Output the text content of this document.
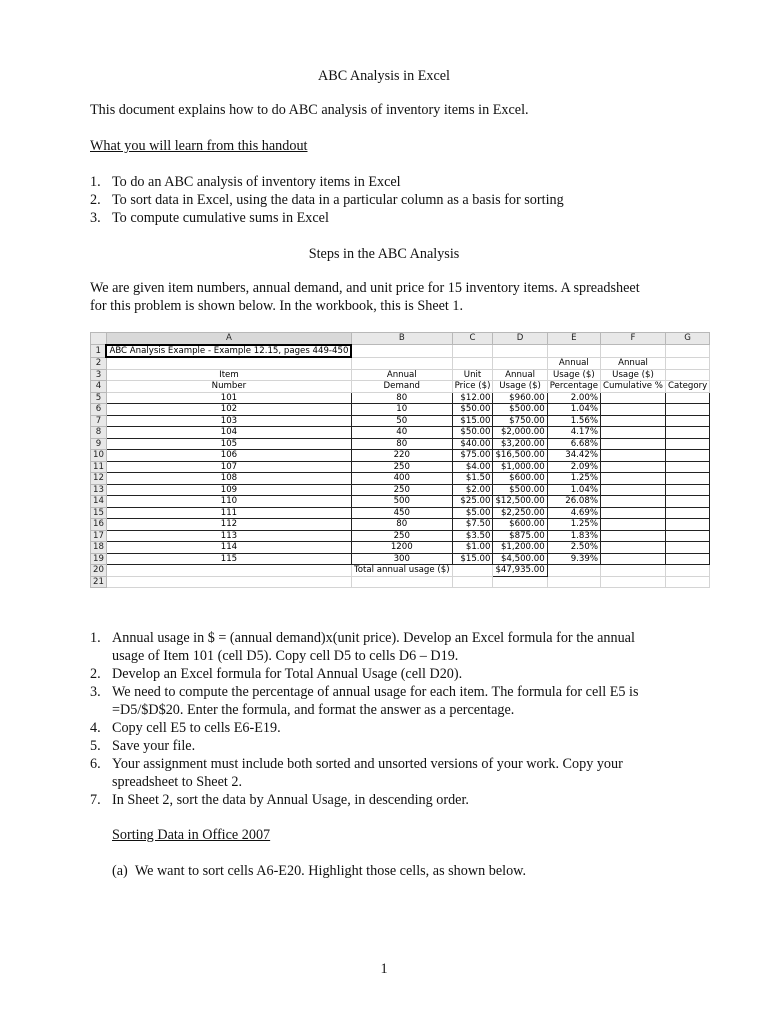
ABC Analysis in Excel
This document explains how to do ABC analysis of inventory items in Excel.
What you will learn from this handout
1. To do an ABC analysis of inventory items in Excel
2. To sort data in Excel, using the data in a particular column as a basis for sorting
3. To compute cumulative sums in Excel
Steps in the ABC Analysis
We are given item numbers, annual demand, and unit price for 15 inventory items. A spreadsheet
for this problem is shown below. In the workbook, this is Sheet 1.
	A	B	C	D	E	F	G
1	ABC Analysis Example - Example 12.15, pages 449-450						
2					Annual	Annual	
3	Item	Annual	Unit	Annual	Usage ($)	Usage ($)	
4	Number	Demand	Price ($)	Usage ($)	Percentage	Cumulative %	Category
5	101	80	$12.00	$960.00	2.00%		
6	102	10	$50.00	$500.00	1.04%		
7	103	50	$15.00	$750.00	1.56%		
8	104	40	$50.00	$2,000.00	4.17%		
9	105	80	$40.00	$3,200.00	6.68%		
10	106	220	$75.00	$16,500.00	34.42%		
11	107	250	$4.00	$1,000.00	2.09%		
12	108	400	$1.50	$600.00	1.25%		
13	109	250	$2.00	$500.00	1.04%		
14	110	500	$25.00	$12,500.00	26.08%		
15	111	450	$5.00	$2,250.00	4.69%		
16	112	80	$7.50	$600.00	1.25%		
17	113	250	$3.50	$875.00	1.83%		
18	114	1200	$1.00	$1,200.00	2.50%		
19	115	300	$15.00	$4,500.00	9.39%		
20		Total annual usage ($)		$47,935.00			
21							
1. Annual usage in $ = (annual demand)x(unit price). Develop an Excel formula for the annual usage of Item 101 (cell D5). Copy cell D5 to cells D6 – D19.
2. Develop an Excel formula for Total Annual Usage (cell D20).
3. We need to compute the percentage of annual usage for each item. The formula for cell E5 is =D5/$D$20. Enter the formula, and format the answer as a percentage.
4. Copy cell E5 to cells E6-E19.
5. Save your file.
6. Your assignment must include both sorted and unsorted versions of your work. Copy your spreadsheet to Sheet 2.
7. In Sheet 2, sort the data by Annual Usage, in descending order.
Sorting Data in Office 2007
(a) We want to sort cells A6-E20. Highlight those cells, as shown below.
1
